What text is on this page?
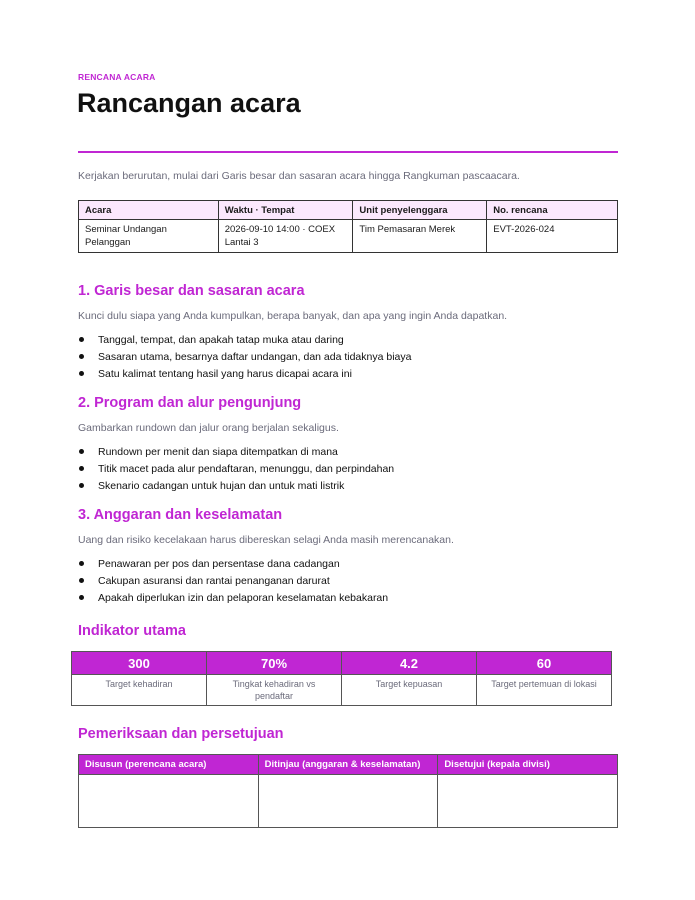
RENCANA ACARA
Rancangan acara
Kerjakan berurutan, mulai dari Garis besar dan sasaran acara hingga Rangkuman pascaacara.
Acara	Waktu · Tempat	Unit penyelenggara	No. rencana
Seminar Undangan Pelanggan	2026-09-10 14:00 · COEX Lantai 3	Tim Pemasaran Merek	EVT-2026-024
1. Garis besar dan sasaran acara
Kunci dulu siapa yang Anda kumpulkan, berapa banyak, dan apa yang ingin Anda dapatkan.
Tanggal, tempat, dan apakah tatap muka atau daring
Sasaran utama, besarnya daftar undangan, dan ada tidaknya biaya
Satu kalimat tentang hasil yang harus dicapai acara ini
2. Program dan alur pengunjung
Gambarkan rundown dan jalur orang berjalan sekaligus.
Rundown per menit dan siapa ditempatkan di mana
Titik macet pada alur pendaftaran, menunggu, dan perpindahan
Skenario cadangan untuk hujan dan untuk mati listrik
3. Anggaran dan keselamatan
Uang dan risiko kecelakaan harus dibereskan selagi Anda masih merencanakan.
Penawaran per pos dan persentase dana cadangan
Cakupan asuransi dan rantai penanganan darurat
Apakah diperlukan izin dan pelaporan keselamatan kebakaran
Indikator utama
300	70%	4.2	60
Target kehadiran	Tingkat kehadiran vs pendaftar	Target kepuasan	Target pertemuan di lokasi
Pemeriksaan dan persetujuan
Disusun (perencana acara)	Ditinjau (anggaran & keselamatan)	Disetujui (kepala divisi)
